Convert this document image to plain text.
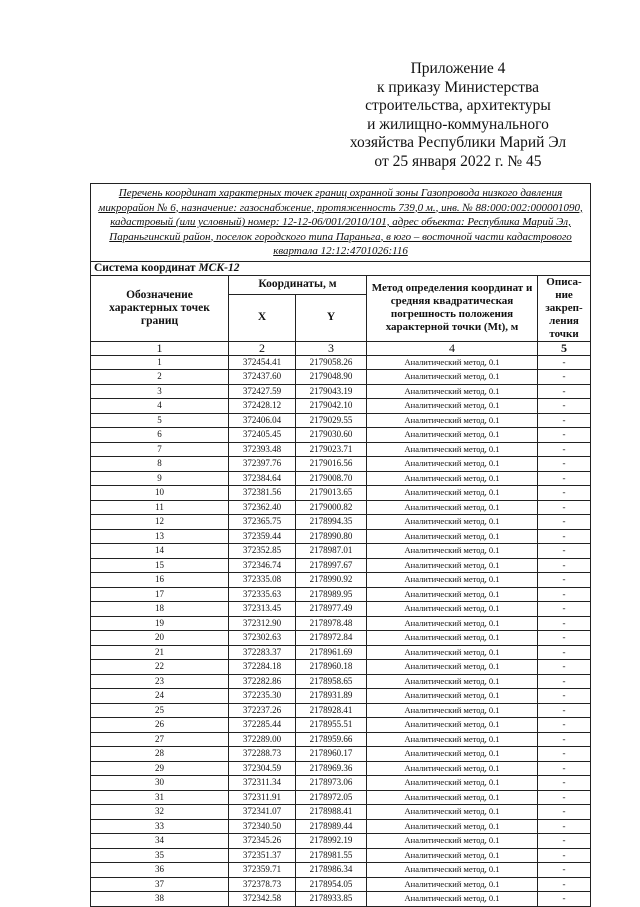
Приложение 4
к приказу Министерства
строительства, архитектуры
и жилищно-коммунального
хозяйства Республики Марий Эл
от 25 января 2022 г. № 45
Перечень координат характерных точек границ охранной зоны Газопровода низкого давления микрорайон № 6, назначение: газоснабжение, протяженность 739,0 м., инв. № 88:000:002:000001090, кадастровый (или условный) номер: 12-12-06/001/2010/101, адрес объекта: Республика Марий Эл, Параньгинский район, поселок городского типа Параньга, в юго – восточной части кадастрового квартала 12:12:4701026:116				
Система координат МСК-12				
Обозначение характерных точек границ	Координаты, м		Метод определения координат и средняя квадратическая погрешность положения характерной точки (Mt), м	Описа-ние закреп-ления точки
	X	Y		
1	2	3	4	5
1	372454.41	2179058.26	Аналитический метод, 0.1	-
2	372437.60	2179048.90	Аналитический метод, 0.1	-
3	372427.59	2179043.19	Аналитический метод, 0.1	-
4	372428.12	2179042.10	Аналитический метод, 0.1	-
5	372406.04	2179029.55	Аналитический метод, 0.1	-
6	372405.45	2179030.60	Аналитический метод, 0.1	-
7	372393.48	2179023.71	Аналитический метод, 0.1	-
8	372397.76	2179016.56	Аналитический метод, 0.1	-
9	372384.64	2179008.70	Аналитический метод, 0.1	-
10	372381.56	2179013.65	Аналитический метод, 0.1	-
11	372362.40	2179000.82	Аналитический метод, 0.1	-
12	372365.75	2178994.35	Аналитический метод, 0.1	-
13	372359.44	2178990.80	Аналитический метод, 0.1	-
14	372352.85	2178987.01	Аналитический метод, 0.1	-
15	372346.74	2178997.67	Аналитический метод, 0.1	-
16	372335.08	2178990.92	Аналитический метод, 0.1	-
17	372335.63	2178989.95	Аналитический метод, 0.1	-
18	372313.45	2178977.49	Аналитический метод, 0.1	-
19	372312.90	2178978.48	Аналитический метод, 0.1	-
20	372302.63	2178972.84	Аналитический метод, 0.1	-
21	372283.37	2178961.69	Аналитический метод, 0.1	-
22	372284.18	2178960.18	Аналитический метод, 0.1	-
23	372282.86	2178958.65	Аналитический метод, 0.1	-
24	372235.30	2178931.89	Аналитический метод, 0.1	-
25	372237.26	2178928.41	Аналитический метод, 0.1	-
26	372285.44	2178955.51	Аналитический метод, 0.1	-
27	372289.00	2178959.66	Аналитический метод, 0.1	-
28	372288.73	2178960.17	Аналитический метод, 0.1	-
29	372304.59	2178969.36	Аналитический метод, 0.1	-
30	372311.34	2178973.06	Аналитический метод, 0.1	-
31	372311.91	2178972.05	Аналитический метод, 0.1	-
32	372341.07	2178988.41	Аналитический метод, 0.1	-
33	372340.50	2178989.44	Аналитический метод, 0.1	-
34	372345.26	2178992.19	Аналитический метод, 0.1	-
35	372351.37	2178981.55	Аналитический метод, 0.1	-
36	372359.71	2178986.34	Аналитический метод, 0.1	-
37	372378.73	2178954.05	Аналитический метод, 0.1	-
38	372342.58	2178933.85	Аналитический метод, 0.1	-
